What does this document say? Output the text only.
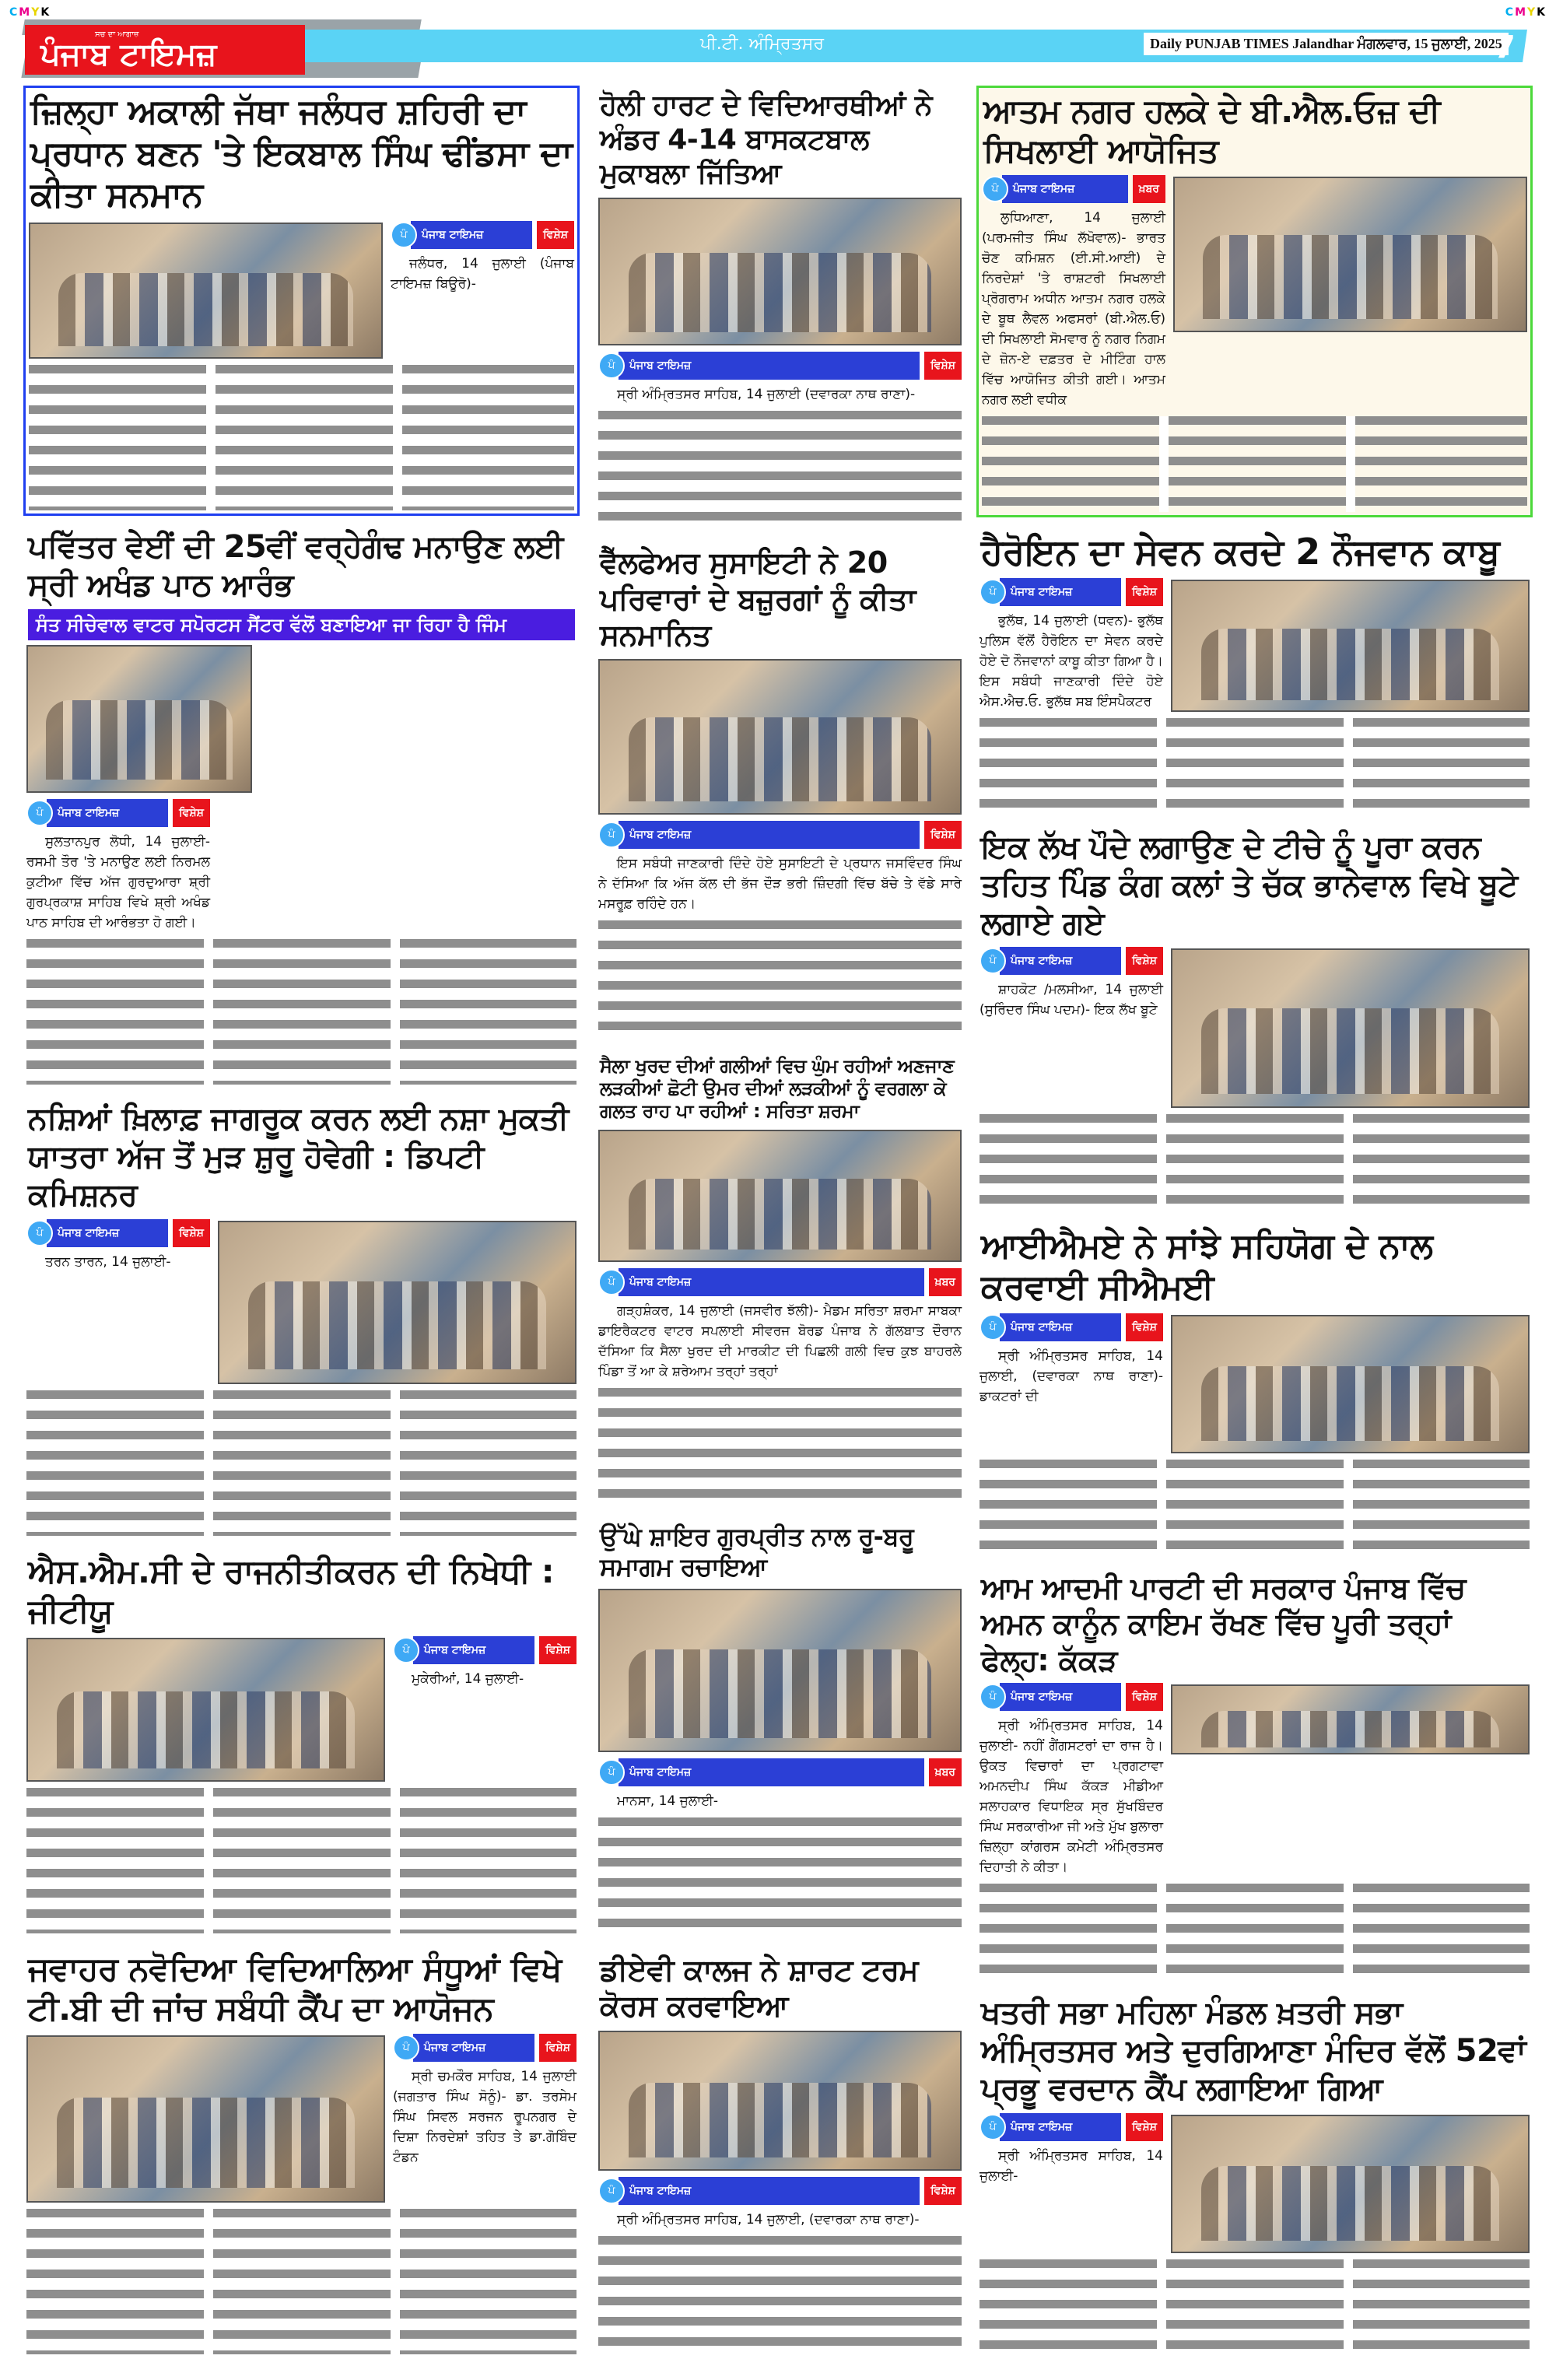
CMYK	CMYK
ਸਚ ਦਾ ਆਗਾਜ਼
ਪੰਜਾਬ ਟਾਇਮਜ਼	ਪੀ.ਟੀ. ਅੰਮ੍ਰਿਤਸਰ	Daily PUNJAB TIMES Jalandhar ਮੰਗਲਵਾਰ, 15 ਜੁਲਾਈ, 2025
7
ਜ਼ਿਲ੍ਹਾ ਅਕਾਲੀ ਜੱਥਾ ਜਲੰਧਰ ਸ਼ਹਿਰੀ ਦਾ ਪ੍ਰਧਾਨ ਬਣਨ 'ਤੇ ਇਕਬਾਲ ਸਿੰਘ ਢੀਂਡਸਾ ਦਾ ਕੀਤਾ ਸਨਮਾਨ
ਪੰ	ਪੰਜਾਬ ਟਾਇਮਜ਼	ਵਿਸ਼ੇਸ਼

ਜਲੰਧਰ, 14 ਜੁਲਾਈ (ਪੰਜਾਬ ਟਾਇਮਜ਼ ਬਿਊਰੋ)-

ਪਵਿੱਤਰ ਵੇਈਂ ਦੀ 25ਵੀਂ ਵਰ੍ਹੇਗੰਢ ਮਨਾਉਣ ਲਈ ਸ੍ਰੀ ਅਖੰਡ ਪਾਠ ਆਰੰਭ
ਸੰਤ ਸੀਚੇਵਾਲ ਵਾਟਰ ਸਪੋਰਟਸ ਸੈਂਟਰ ਵੱਲੋਂ ਬਣਾਇਆ ਜਾ ਰਿਹਾ ਹੈ ਜਿੰਮ
ਪੰ	ਪੰਜਾਬ ਟਾਇਮਜ਼	ਵਿਸ਼ੇਸ਼

ਸੁਲਤਾਨਪੁਰ ਲੋਧੀ, 14 ਜੁਲਾਈ- ਰਸਮੀ ਤੌਰ 'ਤੇ ਮਨਾਉਣ ਲਈ ਨਿਰਮਲ ਕੁਟੀਆ ਵਿੱਚ ਅੱਜ ਗੁਰਦੁਆਰਾ ਸ਼੍ਰੀ ਗੁਰਪ੍ਰਕਾਸ਼ ਸਾਹਿਬ ਵਿਖੇ ਸ਼੍ਰੀ ਅਖੰਡ ਪਾਠ ਸਾਹਿਬ ਦੀ ਆਰੰਭਤਾ ਹੋ ਗਈ।

ਨਸ਼ਿਆਂ ਖ਼ਿਲਾਫ਼ ਜਾਗਰੂਕ ਕਰਨ ਲਈ ਨਸ਼ਾ ਮੁਕਤੀ ਯਾਤਰਾ ਅੱਜ ਤੋਂ ਮੁੜ ਸ਼ੁਰੂ ਹੋਵੇਗੀ : ਡਿਪਟੀ ਕਮਿਸ਼ਨਰ
ਪੰ	ਪੰਜਾਬ ਟਾਇਮਜ਼	ਵਿਸ਼ੇਸ਼

ਤਰਨ ਤਾਰਨ, 14 ਜੁਲਾਈ-

ਐਸ.ਐਮ.ਸੀ ਦੇ ਰਾਜਨੀਤੀਕਰਨ ਦੀ ਨਿਖੇਧੀ : ਜੀਟੀਯੂ
ਪੰ	ਪੰਜਾਬ ਟਾਇਮਜ਼	ਵਿਸ਼ੇਸ਼

ਮੁਕੇਰੀਆਂ, 14 ਜੁਲਾਈ-

ਜਵਾਹਰ ਨਵੋਦਿਆ ਵਿਦਿਆਲਿਆ ਸੰਧੂਆਂ ਵਿਖੇ ਟੀ.ਬੀ ਦੀ ਜਾਂਚ ਸਬੰਧੀ ਕੈਂਪ ਦਾ ਆਯੋਜਨ
ਪੰ	ਪੰਜਾਬ ਟਾਇਮਜ਼	ਵਿਸ਼ੇਸ਼

ਸ੍ਰੀ ਚਮਕੌਰ ਸਾਹਿਬ, 14 ਜੁਲਾਈ (ਜਗਤਾਰ ਸਿੰਘ ਸੋਨੂੰ)- ਡਾ. ਤਰਸੇਮ ਸਿੰਘ ਸਿਵਲ ਸਰਜਨ ਰੂਪਨਗਰ ਦੇ ਦਿਸ਼ਾ ਨਿਰਦੇਸ਼ਾਂ ਤਹਿਤ ਤੇ ਡਾ.ਗੋਬਿੰਦ ਟੰਡਨ

ਹੋਲੀ ਹਾਰਟ ਦੇ ਵਿਦਿਆਰਥੀਆਂ ਨੇ ਅੰਡਰ 4-14 ਬਾਸਕਟਬਾਲ ਮੁਕਾਬਲਾ ਜਿੱਤਿਆ
ਪੰ	ਪੰਜਾਬ ਟਾਇਮਜ਼	ਵਿਸ਼ੇਸ਼

ਸ੍ਰੀ ਅੰਮ੍ਰਿਤਸਰ ਸਾਹਿਬ, 14 ਜੁਲਾਈ (ਦਵਾਰਕਾ ਨਾਥ ਰਾਣਾ)-

ਵੈੱਲਫੇਅਰ ਸੁਸਾਇਟੀ ਨੇ 20 ਪਰਿਵਾਰਾਂ ਦੇ ਬਜ਼ੁਰਗਾਂ ਨੂੰ ਕੀਤਾ ਸਨਮਾਨਿਤ
ਪੰ	ਪੰਜਾਬ ਟਾਇਮਜ਼	ਵਿਸ਼ੇਸ਼

ਇਸ ਸਬੰਧੀ ਜਾਣਕਾਰੀ ਦਿੰਦੇ ਹੋਏ ਸੁਸਾਇਟੀ ਦੇ ਪ੍ਰਧਾਨ ਜਸਵਿੰਦਰ ਸਿੰਘ ਨੇ ਦੱਸਿਆ ਕਿ ਅੱਜ ਕੱਲ ਦੀ ਭੱਜ ਦੌੜ ਭਰੀ ਜ਼ਿੰਦਗੀ ਵਿੱਚ ਬੱਚੇ ਤੇ ਵੱਡੇ ਸਾਰੇ ਮਸਰੂਫ਼ ਰਹਿੰਦੇ ਹਨ।

ਸੈਲਾ ਖੁਰਦ ਦੀਆਂ ਗਲੀਆਂ ਵਿਚ ਘੁੰਮ ਰਹੀਆਂ ਅਣਜਾਣ ਲੜਕੀਆਂ ਛੋਟੀ ਉਮਰ ਦੀਆਂ ਲੜਕੀਆਂ ਨੂੰ ਵਰਗਲਾ ਕੇ ਗਲਤ ਰਾਹ ਪਾ ਰਹੀਆਂ : ਸਰਿਤਾ ਸ਼ਰਮਾ
ਪੰ	ਪੰਜਾਬ ਟਾਇਮਜ਼	ਖ਼ਬਰ

ਗੜ੍ਹਸ਼ੰਕਰ, 14 ਜੁਲਾਈ (ਜਸਵੀਰ ਝੱਲੀ)- ਮੈਡਮ ਸਰਿਤਾ ਸ਼ਰਮਾ ਸਾਬਕਾ ਡਾਇਰੈਕਟਰ ਵਾਟਰ ਸਪਲਾਈ ਸੀਵਰਜ ਬੋਰਡ ਪੰਜਾਬ ਨੇ ਗੱਲਬਾਤ ਦੌਰਾਨ ਦੱਸਿਆ ਕਿ ਸੈਲਾ ਖੁਰਦ ਦੀ ਮਾਰਕੀਟ ਦੀ ਪਿਛਲੀ ਗਲੀ ਵਿਚ ਕੁਝ ਬਾਹਰਲੇ ਪਿੰਡਾ ਤੋਂ ਆ ਕੇ ਸ਼ਰੇਆਮ ਤਰ੍ਹਾਂ ਤਰ੍ਹਾਂ

ਉੱਘੇ ਸ਼ਾਇਰ ਗੁਰਪ੍ਰੀਤ ਨਾਲ ਰੂ-ਬਰੂ ਸਮਾਗਮ ਰਚਾਇਆ
ਪੰ	ਪੰਜਾਬ ਟਾਇਮਜ਼	ਖ਼ਬਰ

ਮਾਨਸਾ, 14 ਜੁਲਾਈ-

ਡੀਏਵੀ ਕਾਲਜ ਨੇ ਸ਼ਾਰਟ ਟਰਮ ਕੋਰਸ ਕਰਵਾਇਆ
ਪੰ	ਪੰਜਾਬ ਟਾਇਮਜ਼	ਵਿਸ਼ੇਸ਼

ਸ੍ਰੀ ਅੰਮ੍ਰਿਤਸਰ ਸਾਹਿਬ, 14 ਜੁਲਾਈ, (ਦਵਾਰਕਾ ਨਾਥ ਰਾਣਾ)-

ਆਤਮ ਨਗਰ ਹਲਕੇ ਦੇ ਬੀ.ਐਲ.ਓਜ਼ ਦੀ ਸਿਖਲਾਈ ਆਯੋਜਿਤ
ਪੰ	ਪੰਜਾਬ ਟਾਇਮਜ਼	ਖ਼ਬਰ

ਲੁਧਿਆਣਾ, 14 ਜੁਲਾਈ (ਪਰਮਜੀਤ ਸਿੰਘ ਲੱਖੋਵਾਲ)- ਭਾਰਤ ਚੋਣ ਕਮਿਸ਼ਨ (ਈ.ਸੀ.ਆਈ) ਦੇ ਨਿਰਦੇਸ਼ਾਂ 'ਤੇ ਰਾਸ਼ਟਰੀ ਸਿਖਲਾਈ ਪ੍ਰੋਗਰਾਮ ਅਧੀਨ ਆਤਮ ਨਗਰ ਹਲਕੇ ਦੇ ਬੂਥ ਲੈਵਲ ਅਫਸਰਾਂ (ਬੀ.ਐਲ.ਓ) ਦੀ ਸਿਖਲਾਈ ਸੋਮਵਾਰ ਨੂੰ ਨਗਰ ਨਿਗਮ ਦੇ ਜ਼ੋਨ-ਏ ਦਫ਼ਤਰ ਦੇ ਮੀਟਿੰਗ ਹਾਲ ਵਿੱਚ ਆਯੋਜਿਤ ਕੀਤੀ ਗਈ। ਆਤਮ ਨਗਰ ਲਈ ਵਧੀਕ

ਹੈਰੋਇਨ ਦਾ ਸੇਵਨ ਕਰਦੇ 2 ਨੌਜਵਾਨ ਕਾਬੂ
ਪੰ	ਪੰਜਾਬ ਟਾਇਮਜ਼	ਵਿਸ਼ੇਸ਼

ਭੁਲੱਥ, 14 ਜੁਲਾਈ (ਧਵਨ)- ਭੁਲੱਥ ਪੁਲਿਸ ਵੱਲੋਂ ਹੈਰੋਇਨ ਦਾ ਸੇਵਨ ਕਰਦੇ ਹੋਏ ਦੋ ਨੌਜਵਾਨਾਂ ਕਾਬੂ ਕੀਤਾ ਗਿਆ ਹੈ। ਇਸ ਸਬੰਧੀ ਜਾਣਕਾਰੀ ਦਿੰਦੇ ਹੋਏ ਐਸ.ਐਚ.ਓ. ਭੁਲੱਥ ਸਬ ਇੰਸਪੈਕਟਰ

ਇਕ ਲੱਖ ਪੌਦੇ ਲਗਾਉਣ ਦੇ ਟੀਚੇ ਨੂੰ ਪੂਰਾ ਕਰਨ ਤਹਿਤ ਪਿੰਡ ਕੰਗ ਕਲਾਂ ਤੇ ਚੱਕ ਭਾਨੇਵਾਲ ਵਿਖੇ ਬੂਟੇ ਲਗਾਏ ਗਏ
ਪੰ	ਪੰਜਾਬ ਟਾਇਮਜ਼	ਵਿਸ਼ੇਸ਼

ਸ਼ਾਹਕੋਟ /ਮਲਸੀਆ, 14 ਜੁਲਾਈ (ਸੁਰਿੰਦਰ ਸਿੰਘ ਪਦਮ)- ਇਕ ਲੱਖ ਬੂਟੇ

ਆਈਐਮਏ ਨੇ ਸਾਂਝੇ ਸਹਿਯੋਗ ਦੇ ਨਾਲ ਕਰਵਾਈ ਸੀਐਮਈ
ਪੰ	ਪੰਜਾਬ ਟਾਇਮਜ਼	ਵਿਸ਼ੇਸ਼

ਸ੍ਰੀ ਅੰਮ੍ਰਿਤਸਰ ਸਾਹਿਬ, 14 ਜੁਲਾਈ, (ਦਵਾਰਕਾ ਨਾਥ ਰਾਣਾ)-ਡਾਕਟਰਾਂ ਦੀ

ਆਮ ਆਦਮੀ ਪਾਰਟੀ ਦੀ ਸਰਕਾਰ ਪੰਜਾਬ ਵਿੱਚ ਅਮਨ ਕਾਨੂੰਨ ਕਾਇਮ ਰੱਖਣ ਵਿੱਚ ਪੂਰੀ ਤਰ੍ਹਾਂ ਫੇਲ੍ਹ: ਕੱਕੜ
ਪੰ	ਪੰਜਾਬ ਟਾਇਮਜ਼	ਵਿਸ਼ੇਸ਼

ਸ੍ਰੀ ਅੰਮ੍ਰਿਤਸਰ ਸਾਹਿਬ, 14 ਜੁਲਾਈ- ਨਹੀਂ ਗੈਂਗਸਟਰਾਂ ਦਾ ਰਾਜ ਹੈ। ਉਕਤ ਵਿਚਾਰਾਂ ਦਾ ਪ੍ਰਗਟਾਵਾ ਅਮਨਦੀਪ ਸਿੰਘ ਕੱਕੜ ਮੀਡੀਆ ਸਲਾਹਕਾਰ ਵਿਧਾਇਕ ਸ੍ਰ ਸੁੱਖਬਿੰਦਰ ਸਿੰਘ ਸਰਕਾਰੀਆ ਜੀ ਅਤੇ ਮੁੱਖ ਬੁਲਾਰਾ ਜ਼ਿਲ੍ਹਾ ਕਾਂਗਰਸ ਕਮੇਟੀ ਅੰਮ੍ਰਿਤਸਰ ਦਿਹਾਤੀ ਨੇ ਕੀਤਾ।

ਖਤਰੀ ਸਭਾ ਮਹਿਲਾ ਮੰਡਲ ਖ਼ਤਰੀ ਸਭਾ ਅੰਮ੍ਰਿਤਸਰ ਅਤੇ ਦੁਰਗਿਆਣਾ ਮੰਦਿਰ ਵੱਲੋਂ 52ਵਾਂ ਪ੍ਰਭੂ ਵਰਦਾਨ ਕੈਂਪ ਲਗਾਇਆ ਗਿਆ
ਪੰ	ਪੰਜਾਬ ਟਾਇਮਜ਼	ਵਿਸ਼ੇਸ਼

ਸ੍ਰੀ ਅੰਮ੍ਰਿਤਸਰ ਸਾਹਿਬ, 14 ਜੁਲਾਈ-
